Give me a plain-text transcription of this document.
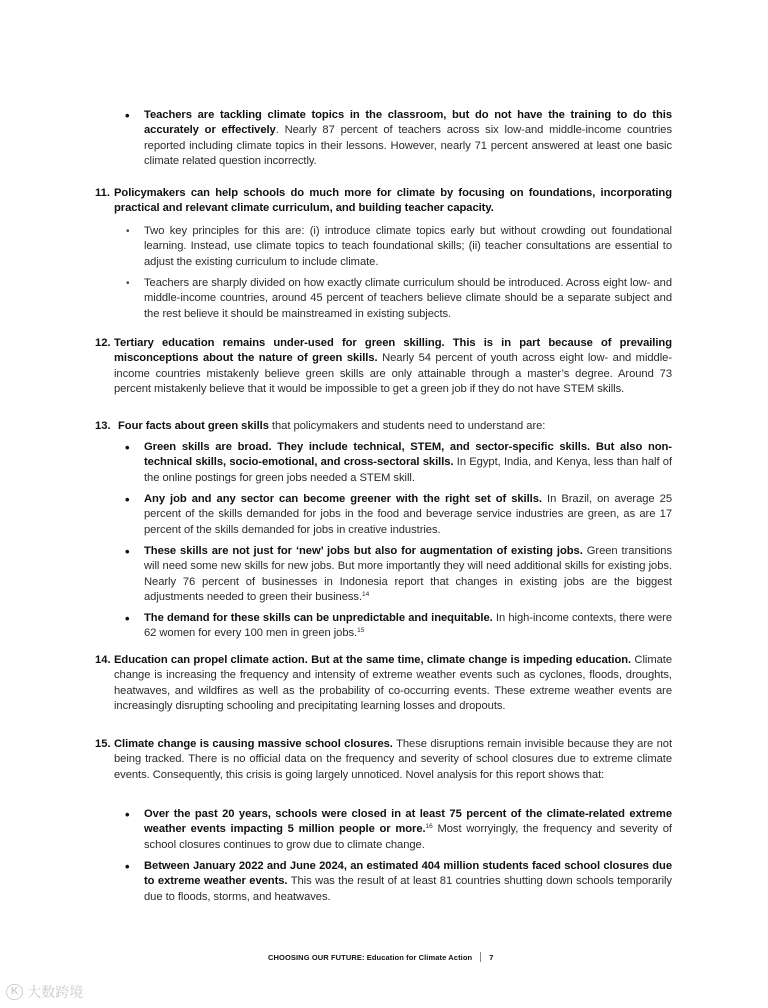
• Teachers are tackling climate topics in the classroom, but do not have the training to do this accurately or effectively. Nearly 87 percent of teachers across six low-and middle-income countries reported including climate topics in their lessons. However, nearly 71 percent answered at least one basic climate related question incorrectly.

11. Policymakers can help schools do much more for climate by focusing on foundations, incorporating practical and relevant climate curriculum, and building teacher capacity.

• Two key principles for this are: (i) introduce climate topics early but without crowding out foundational learning. Instead, use climate topics to teach foundational skills; (ii) teacher consultations are essential to adjust the existing curriculum to include climate.

• Teachers are sharply divided on how exactly climate curriculum should be introduced. Across eight low- and middle-income countries, around 45 percent of teachers believe climate should be a separate subject and the rest believe it should be mainstreamed in existing subjects.

12. Tertiary education remains under-used for green skilling. This is in part because of prevailing misconceptions about the nature of green skills. Nearly 54 percent of youth across eight low- and middle-income countries mistakenly believe green skills are only attainable through a master’s degree. Around 73 percent mistakenly believe that it would be impossible to get a green job if they do not have STEM skills.

13. Four facts about green skills that policymakers and students need to understand are:

• Green skills are broad. They include technical, STEM, and sector-specific skills. But also non-technical skills, socio-emotional, and cross-sectoral skills. In Egypt, India, and Kenya, less than half of the online postings for green jobs needed a STEM skill.

• Any job and any sector can become greener with the right set of skills. In Brazil, on average 25 percent of the skills demanded for jobs in the food and beverage service industries are green, as are 17 percent of the skills demanded for jobs in creative industries.

• These skills are not just for ‘new’ jobs but also for augmentation of existing jobs. Green transitions will need some new skills for new jobs. But more importantly they will need additional skills for existing jobs. Nearly 76 percent of businesses in Indonesia report that changes in existing jobs are the biggest adjustments needed to green their business.$^{14}$

• The demand for these skills can be unpredictable and inequitable. In high-income contexts, there were 62 women for every 100 men in green jobs.$^{15}$

14. Education can propel climate action. But at the same time, climate change is impeding education. Climate change is increasing the frequency and intensity of extreme weather events such as cyclones, floods, droughts, heatwaves, and wildfires as well as the probability of co-occurring events. These extreme weather events are increasingly disrupting schooling and precipitating learning losses and dropouts.

15. Climate change is causing massive school closures. These disruptions remain invisible because they are not being tracked. There is no official data on the frequency and severity of school closures due to extreme climate events. Consequently, this crisis is going largely unnoticed. Novel analysis for this report shows that:

• Over the past 20 years, schools were closed in at least 75 percent of the climate-related extreme weather events impacting 5 million people or more.$^{16}$ Most worryingly, the frequency and severity of school closures continues to grow due to climate change.

• Between January 2022 and June 2024, an estimated 404 million students faced school closures due to extreme weather events. This was the result of at least 81 countries shutting down schools temporarily due to floods, storms, and heatwaves.

CHOOSING OUR FUTURE: Education for Climate Action 7
K 大数跨境
